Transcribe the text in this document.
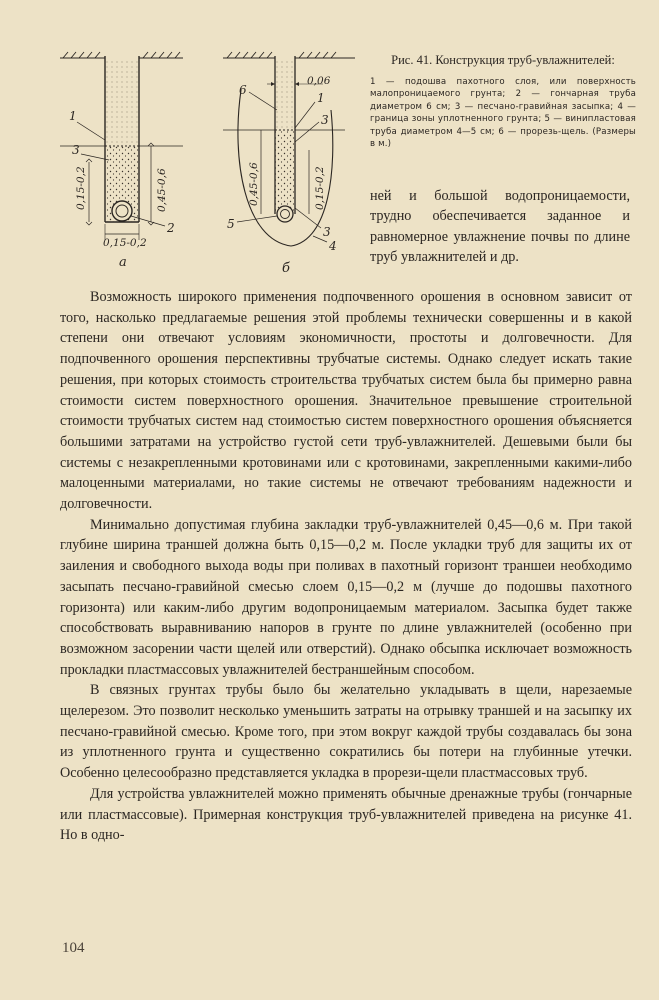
1
3
2
0,15-0,2	0,45-0,6
0,15-0,2
а
6
1
3
0,06
5
3
4
0,45-0,6	0,15-0,2
б

Рис. 41. Конструкция труб-увлажнителей:

1 — подошва пахотного слоя, или поверхность малопроницаемого грунта; 2 — гончарная труба диаметром 6 см; 3 — песчано-гравийная засыпка; 4 — граница зоны уплотненного грунта; 5 — винипластовая труба диаметром 4—5 см; 6 — прорезь-щель. (Размеры в м.)

ней и большой водопроницаемости, трудно обеспечивается заданное и равномерное увлажнение почвы по длине труб увлажнителей и др.

Возможность широкого применения подпочвенного орошения в основном зависит от того, насколько предлагаемые решения этой проблемы технически совершенны и в какой степени они отвечают условиям экономичности, простоты и долговечности. Для подпочвенного орошения перспективны трубчатые системы. Однако следует искать такие решения, при которых стоимость строительства трубчатых систем была бы примерно равна стоимости систем поверхностного орошения. Значительное превышение строительной стоимости трубчатых систем над стоимостью систем поверхностного орошения объясняется большими затратами на устройство густой сети труб-увлажнителей. Дешевыми были бы системы с незакрепленными кротовинами или с кротовинами, закрепленными какими-либо малоценными материалами, но такие системы не отвечают требованиям надежности и долговечности.

Минимально допустимая глубина закладки труб-увлажнителей 0,45—0,6 м. При такой глубине ширина траншей должна быть 0,15—0,2 м. После укладки труб для защиты их от заиления и свободного выхода воды при поливах в пахотный горизонт траншеи необходимо засыпать песчано-гравийной смесью слоем 0,15—0,2 м (лучше до подошвы пахотного горизонта) или каким-либо другим водопроницаемым материалом. Засыпка будет также способствовать выравниванию напоров в грунте по длине увлажнителей (особенно при возможном засорении части щелей или отверстий). Однако обсыпка исключает возможность прокладки пластмассовых увлажнителей бестраншейным способом.

В связных грунтах трубы было бы желательно укладывать в щели, нарезаемые щелерезом. Это позволит несколько уменьшить затраты на отрывку траншей и на засыпку их песчано-гравийной смесью. Кроме того, при этом вокруг каждой трубы создавалась бы зона из уплотненного грунта и существенно сократились бы потери на глубинные утечки. Особенно целесообразно представляется укладка в прорези-щели пластмассовых труб.

Для устройства увлажнителей можно применять обычные дренажные трубы (гончарные или пластмассовые). Примерная конструкция труб-увлажнителей приведена на рисунке 41. Но в одно-

104
